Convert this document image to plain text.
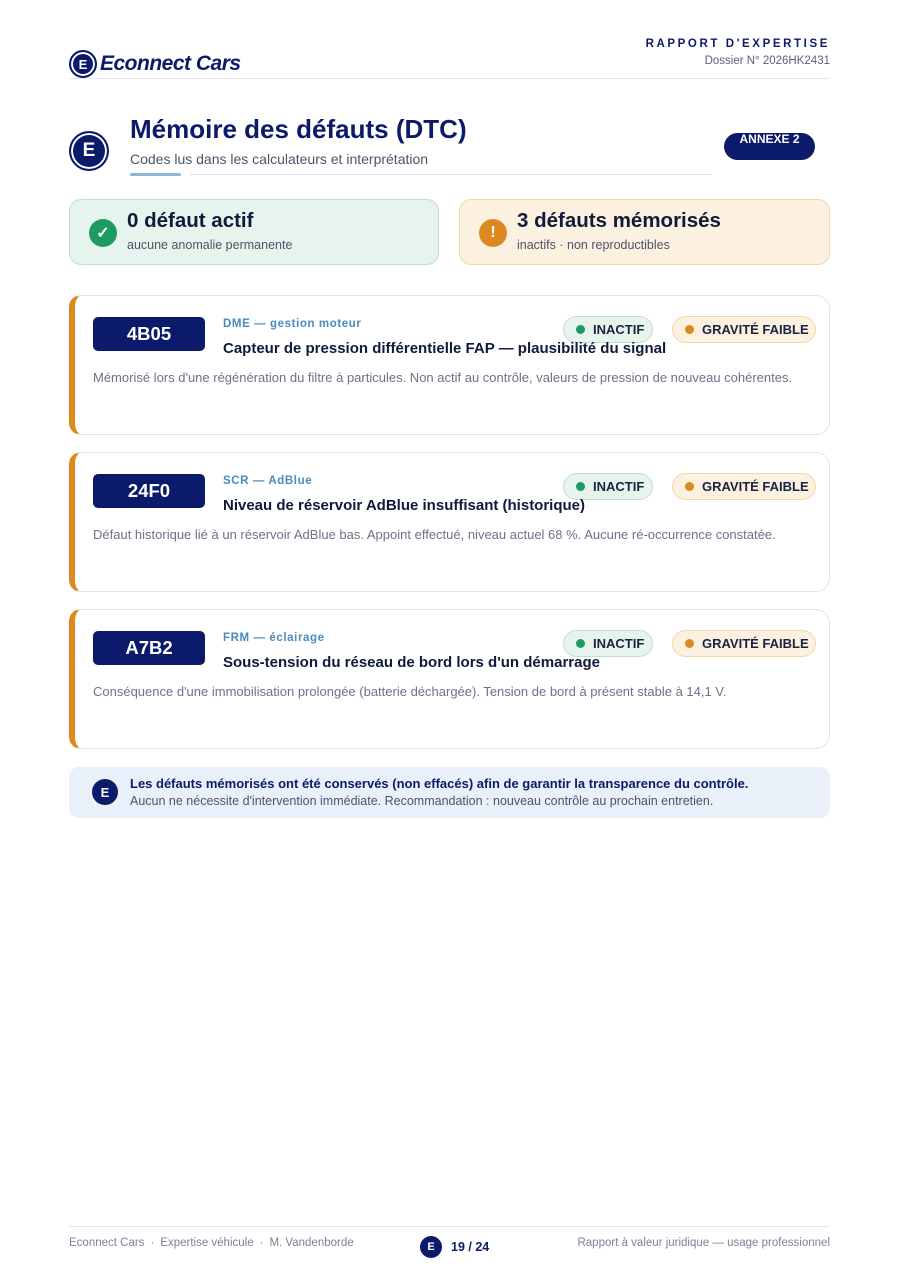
E Econnect Cars
RAPPORT D'EXPERTISE
Dossier N° 2026HK2431
E
Mémoire des défauts (DTC)
Codes lus dans les calculateurs et interprétation
ANNEXE 2
✓
0 défaut actif
aucune anomalie permanente
!
3 défauts mémorisés
inactifs · non reproductibles
4B05	DME — gestion moteur	INACTIF	GRAVITÉ FAIBLE
Capteur de pression différentielle FAP — plausibilité du signal
Mémorisé lors d'une régénération du filtre à particules. Non actif au contrôle, valeurs de pression de nouveau cohérentes.
24F0	SCR — AdBlue	INACTIF	GRAVITÉ FAIBLE
Niveau de réservoir AdBlue insuffisant (historique)
Défaut historique lié à un réservoir AdBlue bas. Appoint effectué, niveau actuel 68 %. Aucune ré-occurrence constatée.
A7B2	FRM — éclairage	INACTIF	GRAVITÉ FAIBLE
Sous-tension du réseau de bord lors d'un démarrage
Conséquence d'une immobilisation prolongée (batterie déchargée). Tension de bord à présent stable à 14,1 V.
E
Les défauts mémorisés ont été conservés (non effacés) afin de garantir la transparence du contrôle.
Aucun ne nécessite d'intervention immédiate. Recommandation : nouveau contrôle au prochain entretien.
Econnect Cars · Expertise véhicule · M. Vandenborde	E	19 / 24	Rapport à valeur juridique — usage professionnel
